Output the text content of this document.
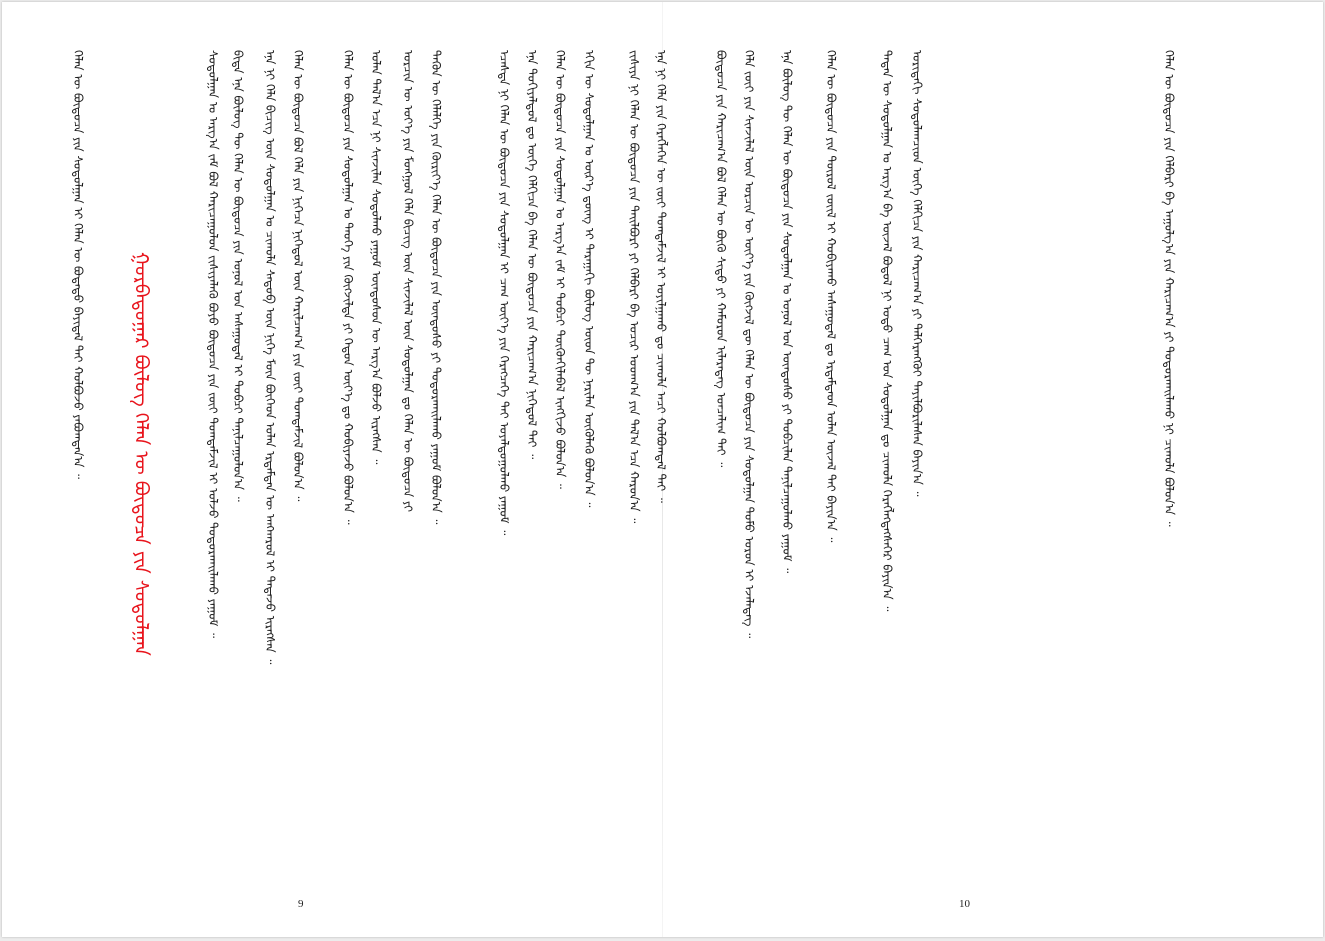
ᠬᠡᠯᠡᠨ ᠦ ᠪᠦᠲᠦᠴᠡ ᠶᠢᠨ ᠰᠤᠳᠤᠯᠭᠠᠨ ᠢ ᠬᠡᠯᠡᠨ ᠦ ᠪᠣᠳᠠᠲᠤ ᠪᠠᠶᠢᠳᠠᠯ ᠲᠠᠢ ᠬᠣᠯᠪᠣᠵᠤ ᠶᠠᠪᠤᠭᠳᠠᠨ᠎ᠠ ᠃ ᠭᠤᠷᠪᠠᠳᠤᠭᠠᠷ ᠪᠦᠯᠦᠭ ᠬᠡᠯᠡᠨ ᠦ ᠪᠦᠲᠦᠴᠡ ᠶᠢᠨ ᠰᠤᠳᠤᠯᠭᠠᠨ	ᠰᠤᠳᠤᠯᠭᠠᠨ ᠤ ᠠᠷᠭ᠎ᠠ ᠵᠠᠮ ᠪᠣᠯ ᠬᠠᠷᠢᠴᠠᠭᠤᠯᠤᠨ ᠵᠢᠱᠢᠶᠡᠯᠡᠬᠦ ᠪᠤᠶᠤ ᠪᠦᠲᠦᠴᠡ ᠶᠢᠨ ᠵᠦᠢ ᠲᠣᠭᠲᠠᠮᠵᠢᠯ ᠢ ᠣᠯᠵᠤ ᠲᠣᠳᠣᠷᠬᠠᠢᠯᠠᠬᠤ ᠶᠠᠭᠤᠮ ᠃ ᠪᠢᠳᠡ ᠡᠨᠡ ᠪᠦᠯᠦᠭ ᠲᠦ ᠬᠡᠯᠡᠨ ᠦ ᠪᠦᠲᠦᠴᠡ ᠶᠢᠨ ᠣᠨᠣᠯ ᠤᠨ ᠠᠰᠠᠭᠤᠳᠠᠯ ᠢ ᠲᠣᠪᠴᠢ ᠲᠠᠨᠢᠯᠴᠠᠭᠤᠯᠤᠨ᠎ᠠ ᠃ ᠡᠨᠡ ᠨᠢ ᠬᠡᠯᠡ ᠪᠢᠴᠢᠭ ᠦᠨ ᠰᠤᠳᠤᠯᠭᠠᠨ ᠤ ᠴᠢᠬᠤᠯᠠ ᠰᠡᠳᠦᠪ ᠦᠨ ᠨᠢᠭᠡ ᠮᠥᠨ ᠪᠥᠭᠡᠳ ᠣᠯᠠᠨ ᠡᠷᠳᠡᠮᠲᠡᠨ ᠦ ᠠᠩᠬᠠᠷᠤᠯ ᠢ ᠲᠠᠲᠠᠵᠤ ᠢᠷᠡᠭᠰᠡᠨ ᠃ ᠬᠡᠯᠡᠨ ᠦ ᠪᠦᠲᠦᠴᠡ ᠪᠣᠯ ᠬᠡᠯᠡ ᠶᠢᠨ ᠨᠢᠭᠡᠴᠡ ᠨᠢᠭᠡᠳᠦᠯ ᠦᠨ ᠬᠠᠷᠢᠯᠴᠠᠭ᠎ᠠ ᠶᠢᠨ ᠵᠦᠢ ᠲᠣᠭᠲᠠᠮᠵᠢᠯ ᠪᠣᠯᠤᠨ᠎ᠠ ᠃	ᠬᠡᠯᠡᠨ ᠦ ᠪᠦᠲᠦᠴᠡ ᠶᠢᠨ ᠰᠤᠳᠤᠯᠭᠠᠨ ᠤ ᠲᠡᠦᠬᠡ ᠶᠢᠨ ᠬᠦᠭᠵᠢᠯᠲᠡ ᠶᠢ ᠬᠡᠳᠦᠨ ᠦᠶ᠎ᠡ ᠳᠤ ᠬᠤᠪᠢᠶᠠᠵᠤ ᠪᠣᠯᠤᠨ᠎ᠠ ᠃ ᠣᠯᠠᠨ ᠲᠠᠯ᠎ᠠ ᠡᠴᠡ ᠨᠢ ᠰᠢᠨᠵᠢᠯᠡᠨ ᠰᠤᠳᠤᠯᠬᠤ ᠶᠠᠭᠤᠮ ᠦᠨᠳᠦᠰᠦᠨ ᠦ ᠠᠷᠭ᠎ᠠ ᠪᠣᠯᠵᠤ ᠢᠷᠡᠭᠰᠡᠨ ᠃ ᠣᠷᠴᠢᠨ ᠦ ᠤᠶ᠎ᠡ ᠶᠢᠨ ᠮᠣᠩᠭᠣᠯ ᠬᠡᠯᠡ ᠪᠢᠴᠢᠭ ᠦᠨ ᠰᠢᠨᠵᠢᠯᠡᠯ ᠦᠨ ᠰᠤᠳᠤᠯᠭᠠᠨ ᠳᠤ ᠬᠡᠯᠡᠨ ᠦ ᠪᠦᠲᠦᠴᠡ ᠶᠢ ᠲᠡᠭᠦᠨ ᠦ ᠬᠡᠯᠡᠯᠭᠡ ᠶᠢᠨ ᠬᠦᠷᠢᠶ᠎ᠡ ᠬᠡᠯᠡᠨ ᠦ ᠪᠦᠲᠦᠴᠡ ᠶᠢᠨ ᠦᠨᠳᠦᠰᠦ ᠶᠢ ᠲᠣᠳᠣᠷᠬᠠᠢᠯᠠᠬᠤ ᠶᠠᠭᠤᠮ ᠪᠣᠯᠤᠨ᠎ᠠ ᠃
9
ᠡᠴᠡᠰᠲᠡ ᠨᠢ ᠬᠡᠯᠡᠨ ᠦ ᠪᠦᠲᠦᠴᠡ ᠶᠢᠨ ᠰᠤᠳᠤᠯᠭᠠᠨ ᠢ ᠴᠠᠭ ᠦᠶ᠎ᠡ ᠶᠢᠨ ᠬᠡᠷᠡᠭᠴᠡᠭᠡ ᠲᠡᠢ ᠤᠶᠠᠯᠳᠤᠭᠤᠯᠬᠤ ᠶᠠᠭᠤᠮ ᠃ ᠡᠨᠡ ᠲᠣᠬᠢᠶᠠᠯᠳᠤᠯ ᠳᠤ ᠦᠭᠡ ᠬᠡᠯᠬᠢᠴᠡ ᠪᠠ ᠬᠡᠯᠡᠨ ᠦ ᠪᠦᠲᠦᠴᠡ ᠶᠢᠨ ᠬᠠᠷᠢᠴᠠᠭ᠎ᠠ ᠨᠢᠭᠡᠳᠦᠯ ᠲᠡᠢ ᠃ ᠬᠡᠯᠡᠨ ᠦ ᠪᠦᠲᠦᠴᠡ ᠶᠢᠨ ᠰᠤᠳᠤᠯᠭᠠᠨ ᠤ ᠠᠷᠭ᠎ᠠ ᠵᠠᠮ ᠢ ᠲᠣᠪᠴᠢ ᠳᠦᠭᠦᠨᠬᠢᠯᠡᠪᠡᠯ ᠢᠩᠭᠢᠵᠦ ᠪᠣᠯᠤᠨ᠎ᠠ ᠃ ᠡᠬᠢᠨ ᠦ ᠰᠤᠳᠤᠯᠭᠠᠨ ᠤ ᠦᠷ᠎ᠡ ᠳ᠋ᠦᠩ ᠢ ᠳᠠᠷᠠᠭᠠᠬᠢ ᠪᠦᠯᠦᠭ ᠦᠳ ᠲᠦ ᠨᠠᠷᠢᠯᠠᠨ ᠥᠭᠦᠯᠡᠬᠦ ᠪᠣᠯᠤᠨ᠎ᠠ ᠃	ᠵᠢᠱᠢᠶᠡ ᠨᠢ ᠬᠡᠯᠡᠨ ᠦ ᠪᠦᠲᠦᠴᠡ ᠶᠢᠨ ᠲᠠᠢᠯᠪᠤᠷᠢ ᠶᠢ ᠬᠡᠯᠪᠡᠷᠢ ᠪᠠ ᠤᠴᠢᠷ ᠤᠳᠬ᠎ᠠ ᠶᠢᠨ ᠲᠠᠯ᠎ᠠ ᠡᠴᠡ ᠬᠠᠷᠤᠨ᠎ᠠ ᠃ ᠡᠨᠡ ᠨᠢ ᠬᠡᠯᠡ ᠶᠢᠨ ᠬᠡᠷᠡᠭᠯᠡᠭᠡᠨ ᠦ ᠵᠦᠢ ᠲᠣᠭᠲᠠᠮᠵᠢᠯ ᠢ ᠣᠶᠢᠯᠭᠠᠬᠤ ᠳᠤ ᠴᠢᠬᠤᠯᠠ ᠠᠴᠢ ᠬᠣᠯᠪᠣᠭᠳᠠᠯ ᠲᠠᠢ ᠃	ᠪᠦᠲᠦᠴᠡ ᠶᠢᠨ ᠬᠠᠷᠢᠴᠠᠭ᠎ᠠ ᠪᠣᠯ ᠬᠡᠯᠡᠨ ᠦ ᠪᠦᠬᠦ ᠰᠢᠲᠦ ᠶᠢ ᠬᠠᠮᠤᠷᠤᠨ ᠢᠯᠡᠷᠡᠳᠡᠭ ᠣᠨᠴᠠᠯᠢᠭ ᠲᠠᠢ ᠃ ᠬᠡᠯᠡ ᠵᠦᠢ ᠶᠢᠨ ᠰᠢᠨᠵᠢᠯᠡᠯ ᠦᠨ ᠣᠷᠴᠢᠨ ᠦ ᠦᠶ᠎ᠡ ᠶᠢᠨ ᠬᠥᠭᠵᠢᠯ ᠳᠦ ᠬᠡᠯᠡᠨ ᠦ ᠪᠦᠲᠦᠴᠡ ᠶᠢᠨ ᠰᠤᠳᠤᠯᠭᠠᠨ ᠲᠣᠮᠤ ᠣᠷᠤᠨ ᠢ ᠡᠵᠡᠯᠡᠳᠡᠭ ᠃ ᠡᠨᠡ ᠪᠦᠯᠦᠭ ᠲᠦ ᠬᠡᠯᠡᠨ ᠦ ᠪᠦᠲᠦᠴᠡ ᠶᠢᠨ ᠰᠤᠳᠤᠯᠭᠠᠨ ᠤ ᠣᠨᠣᠯ ᠤᠨ ᠦᠨᠳᠦᠰᠦ ᠶᠢ ᠲᠣᠪᠴᠢᠯᠠᠨ ᠲᠠᠨᠢᠯᠴᠠᠭᠤᠯᠬᠤ ᠶᠠᠭᠤᠮ ᠃	ᠬᠡᠯᠡᠨ ᠦ ᠪᠦᠲᠦᠴᠡ ᠶᠢᠨ ᠲᠥᠷᠥᠯ ᠵᠦᠢᠯ ᠢ ᠬᠤᠪᠢᠶᠠᠬᠤ ᠠᠰᠠᠭᠤᠳᠠᠯ ᠳᠤ ᠡᠷᠳᠡᠮᠲᠡᠳ ᠣᠯᠠᠨ ᠦᠵᠡᠯ ᠲᠠᠢ ᠪᠠᠶᠢᠨ᠎ᠠ ᠃	ᠲᠡᠳᠡᠨ ᠦ ᠰᠤᠳᠤᠯᠭᠠᠨ ᠤ ᠠᠷᠭ᠎ᠠ ᠪᠠ ᠦᠵᠡᠯ ᠪᠣᠳᠤᠯ ᠨᠢ ᠣᠳᠣ ᠴᠠᠭ ᠤᠨ ᠰᠤᠳᠤᠯᠭᠠᠨ ᠳᠤ ᠴᠢᠬᠤᠯᠠ ᠬᠡᠷᠡᠭᠯᠡᠭᠳᠡᠭᠰᠡᠭᠡᠷ ᠪᠠᠶᠢᠨ᠎ᠠ ᠃ ᠤᠷᠢᠳᠠᠬᠢ ᠰᠤᠳᠤᠯᠠᠭᠴᠢᠳ ᠦᠭᠡ ᠬᠡᠯᠬᠢᠴᠡ ᠶᠢᠨ ᠬᠠᠷᠢᠴᠠᠭ᠎ᠠ ᠶᠢ ᠳᠡᠯᠭᠡᠷᠡᠩᠭᠦᠢ ᠲᠠᠶᠢᠯᠪᠤᠷᠢᠯᠠᠰᠠᠨ ᠪᠠᠶᠢᠨ᠎ᠠ ᠃	ᠬᠡᠯᠡᠨ ᠦ ᠪᠦᠲᠦᠴᠡ ᠶᠢᠨ ᠬᠡᠯᠪᠡᠷᠢ ᠪᠠ ᠠᠭᠤᠯᠭ᠎ᠠ ᠶᠢᠨ ᠬᠠᠷᠢᠴᠠᠭ᠎ᠠ ᠶᠢ ᠲᠣᠳᠣᠷᠬᠠᠢᠯᠠᠬᠤ ᠨᠢ ᠴᠢᠬᠤᠯᠠ ᠪᠣᠯᠤᠨ᠎ᠠ ᠃
10
